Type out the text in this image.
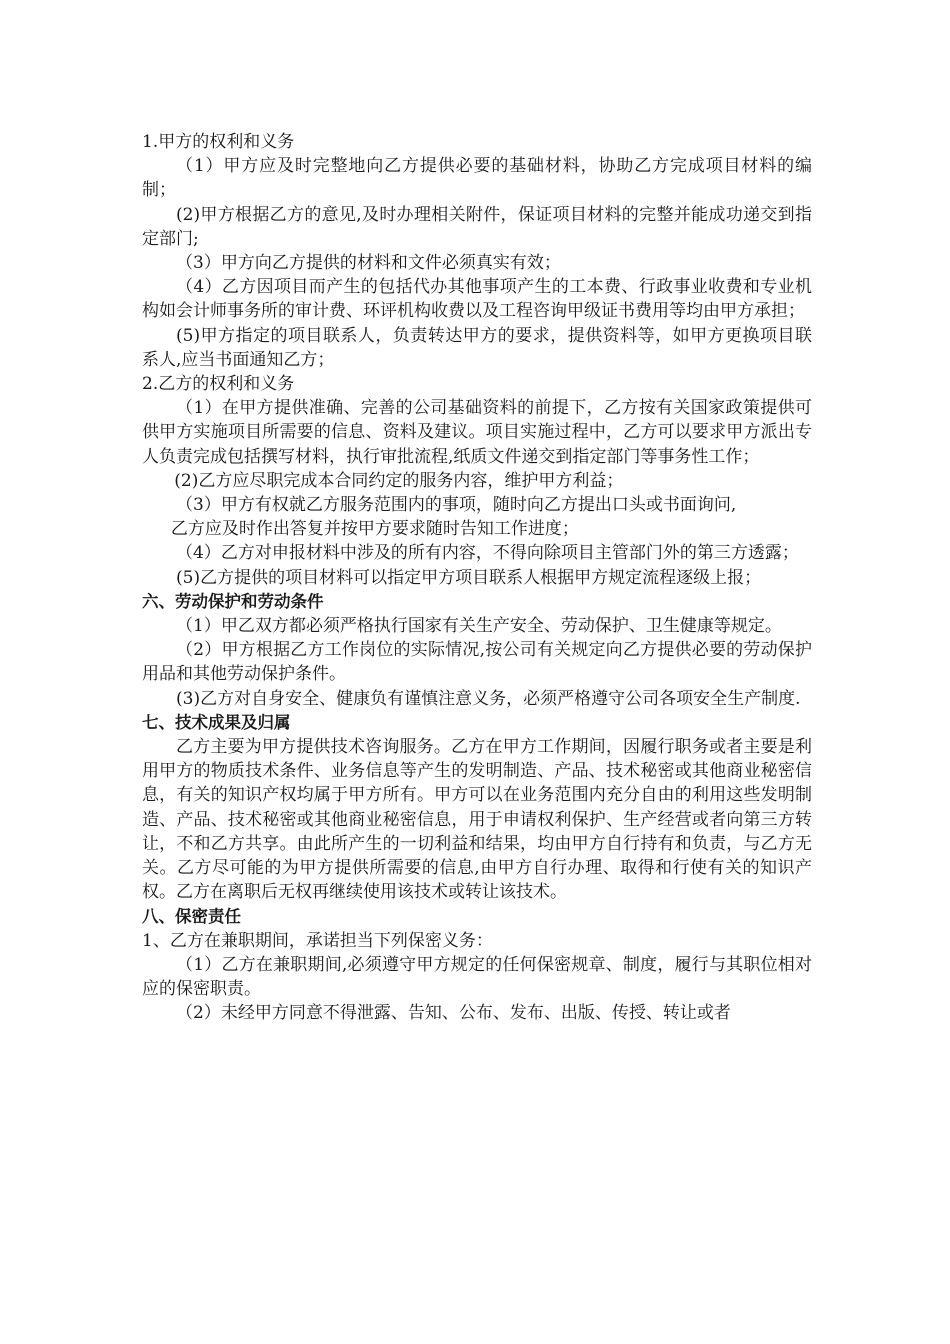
1.甲方的权利和义务

（1）甲方应及时完整地向乙方提供必要的基础材料，协助乙方完成项目材料的编制；

(2)甲方根据乙方的意见,及时办理相关附件，保证项目材料的完整并能成功递交到指定部门;

（3）甲方向乙方提供的材料和文件必须真实有效；

（4）乙方因项目而产生的包括代办其他事项产生的工本费、行政事业收费和专业机构如会计师事务所的审计费、环评机构收费以及工程咨询甲级证书费用等均由甲方承担；

(5)甲方指定的项目联系人，负责转达甲方的要求，提供资料等，如甲方更换项目联系人,应当书面通知乙方；

2.乙方的权利和义务

（1）在甲方提供准确、完善的公司基础资料的前提下，乙方按有关国家政策提供可供甲方实施项目所需要的信息、资料及建议。项目实施过程中，乙方可以要求甲方派出专人负责完成包括撰写材料，执行审批流程,纸质文件递交到指定部门等事务性工作；

(2)乙方应尽职完成本合同约定的服务内容，维护甲方利益；

（3）甲方有权就乙方服务范围内的事项，随时向乙方提出口头或书面询问,
乙方应及时作出答复并按甲方要求随时告知工作进度；

（4）乙方对申报材料中涉及的所有内容，不得向除项目主管部门外的第三方透露；

(5)乙方提供的项目材料可以指定甲方项目联系人根据甲方规定流程逐级上报；

六、劳动保护和劳动条件

（1）甲乙双方都必须严格执行国家有关生产安全、劳动保护、卫生健康等规定。

（2）甲方根据乙方工作岗位的实际情况,按公司有关规定向乙方提供必要的劳动保护用品和其他劳动保护条件。

(3)乙方对自身安全、健康负有谨慎注意义务，必须严格遵守公司各项安全生产制度.

七、技术成果及归属

乙方主要为甲方提供技术咨询服务。乙方在甲方工作期间，因履行职务或者主要是利用甲方的物质技术条件、业务信息等产生的发明制造、产品、技术秘密或其他商业秘密信息，有关的知识产权均属于甲方所有。甲方可以在业务范围内充分自由的利用这些发明制造、产品、技术秘密或其他商业秘密信息，用于申请权利保护、生产经营或者向第三方转让，不和乙方共享。由此所产生的一切利益和结果，均由甲方自行持有和负责，与乙方无关。乙方尽可能的为甲方提供所需要的信息,由甲方自行办理、取得和行使有关的知识产权。乙方在离职后无权再继续使用该技术或转让该技术。

八、保密责任

1、乙方在兼职期间，承诺担当下列保密义务：

（1）乙方在兼职期间,必须遵守甲方规定的任何保密规章、制度，履行与其职位相对应的保密职责。

（2）未经甲方同意不得泄露、告知、公布、发布、出版、传授、转让或者
